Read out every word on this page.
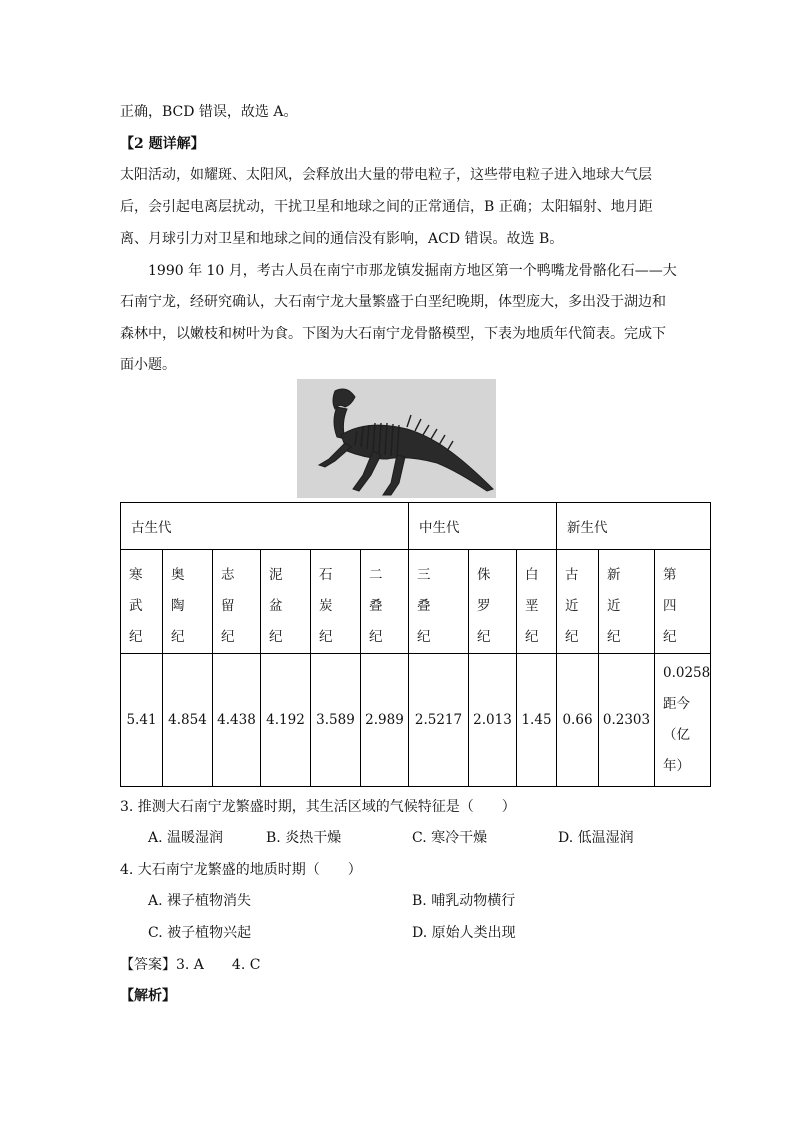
正确，BCD 错误，故选 A。
【2 题详解】
太阳活动，如耀斑、太阳风，会释放出大量的带电粒子，这些带电粒子进入地球大气层
后，会引起电离层扰动，干扰卫星和地球之间的正常通信，B 正确；太阳辐射、地月距
离、月球引力对卫星和地球之间的通信没有影响，ACD 错误。故选 B。
1990 年 10 月，考古人员在南宁市那龙镇发掘南方地区第一个鸭嘴龙骨骼化石——大
石南宁龙，经研究确认，大石南宁龙大量繁盛于白垩纪晚期，体型庞大，多出没于湖边和
森林中，以嫩枝和树叶为食。下图为大石南宁龙骨骼模型，下表为地质年代简表。完成下
面小题。
古生代						中生代			新生代		

寒
武
纪	奥
陶
纪	志
留
纪	泥
盆
纪	石
炭
纪	二
叠
纪	三
叠
纪	侏
罗
纪	白
垩
纪	古
近
纪	新
近
纪	第
四
纪

5.41	4.854	4.438	4.192	3.589	2.989	2.5217	2.013	1.45	0.66	0.2303	0.0258
距今
（亿
年）
3. 推测大石南宁龙繁盛时期，其生活区域的气候特征是（　　）
A. 温暖湿润	B. 炎热干燥	C. 寒冷干燥	D. 低温湿润
4. 大石南宁龙繁盛的地质时期（　　）
A. 裸子植物消失	B. 哺乳动物横行
C. 被子植物兴起	D. 原始人类出现
【答案】3. A　　4. C
【解析】
